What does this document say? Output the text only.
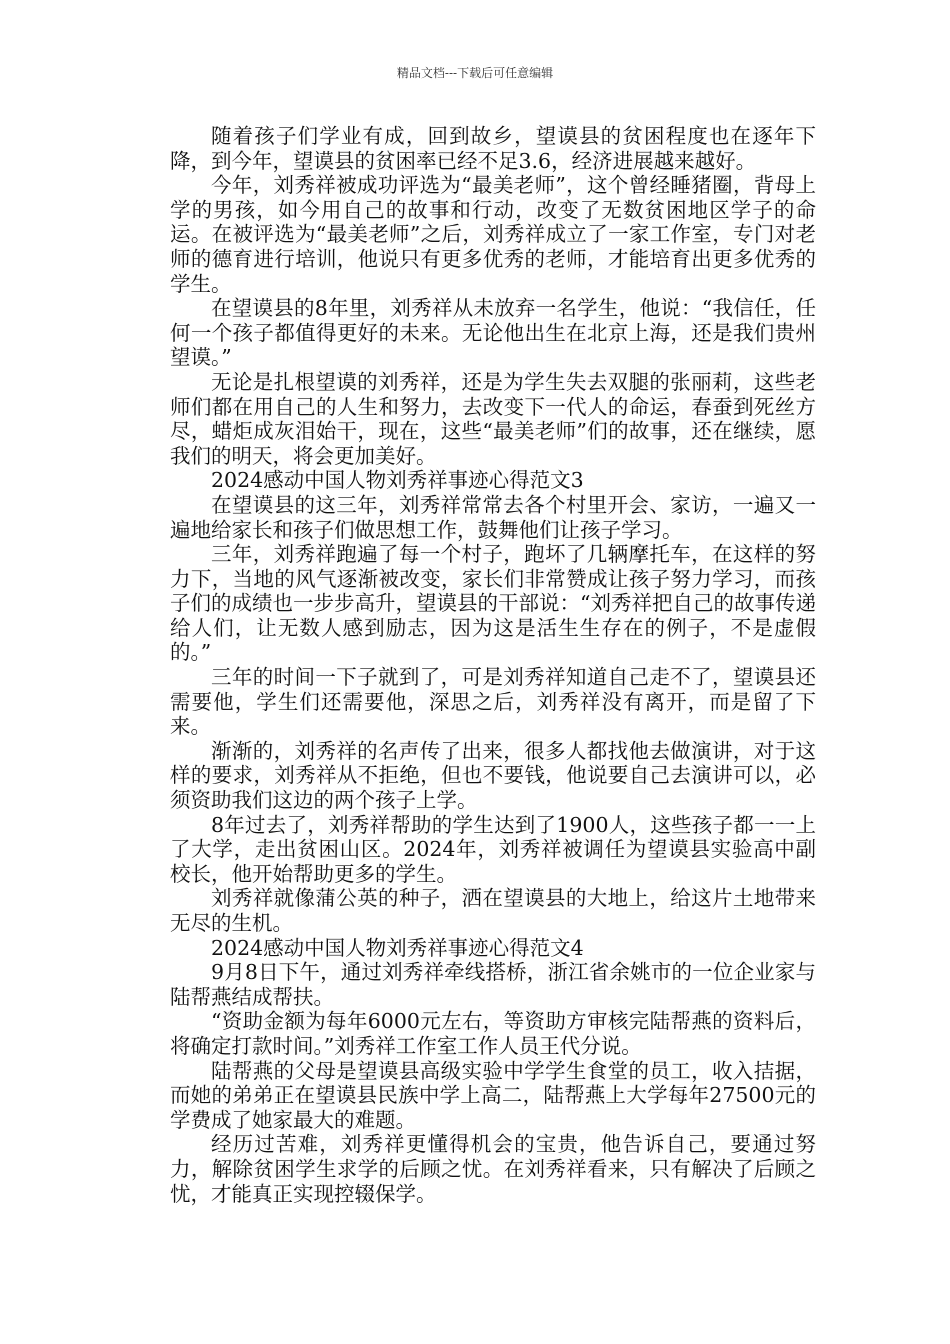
精品文档---下载后可任意编辑

随着孩子们学业有成，回到故乡，望谟县的贫困程度也在逐年下降，到今年，望谟县的贫困率已经不足3.6，经济进展越来越好。

今年，刘秀祥被成功评选为“最美老师”，这个曾经睡猪圈，背母上学的男孩，如今用自己的故事和行动，改变了无数贫困地区学子的命运。在被评选为“最美老师”之后，刘秀祥成立了一家工作室，专门对老师的德育进行培训，他说只有更多优秀的老师，才能培育出更多优秀的学生。

在望谟县的8年里，刘秀祥从未放弃一名学生，他说：“我信任，任何一个孩子都值得更好的未来。无论他出生在北京上海，还是我们贵州望谟。”

无论是扎根望谟的刘秀祥，还是为学生失去双腿的张丽莉，这些老师们都在用自己的人生和努力，去改变下一代人的命运，春蚕到死丝方尽，蜡炬成灰泪始干，现在，这些“最美老师”们的故事，还在继续，愿我们的明天，将会更加美好。

2024感动中国人物刘秀祥事迹心得范文3

在望谟县的这三年，刘秀祥常常去各个村里开会、家访，一遍又一遍地给家长和孩子们做思想工作，鼓舞他们让孩子学习。

三年，刘秀祥跑遍了每一个村子，跑坏了几辆摩托车，在这样的努力下，当地的风气逐渐被改变，家长们非常赞成让孩子努力学习，而孩子们的成绩也一步步高升，望谟县的干部说：“刘秀祥把自己的故事传递给人们，让无数人感到励志，因为这是活生生存在的例子，不是虚假的。”

三年的时间一下子就到了，可是刘秀祥知道自己走不了，望谟县还需要他，学生们还需要他，深思之后，刘秀祥没有离开，而是留了下来。

渐渐的，刘秀祥的名声传了出来，很多人都找他去做演讲，对于这样的要求，刘秀祥从不拒绝，但也不要钱，他说要自己去演讲可以，必须资助我们这边的两个孩子上学。

8年过去了，刘秀祥帮助的学生达到了1900人，这些孩子都一一上了大学，走出贫困山区。2024年，刘秀祥被调任为望谟县实验高中副校长，他开始帮助更多的学生。

刘秀祥就像蒲公英的种子，洒在望谟县的大地上，给这片土地带来无尽的生机。

2024感动中国人物刘秀祥事迹心得范文4

9月8日下午，通过刘秀祥牵线搭桥，浙江省余姚市的一位企业家与陆帮燕结成帮扶。

“资助金额为每年6000元左右，等资助方审核完陆帮燕的资料后，将确定打款时间。”刘秀祥工作室工作人员王代分说。

陆帮燕的父母是望谟县高级实验中学学生食堂的员工，收入拮据，而她的弟弟正在望谟县民族中学上高二，陆帮燕上大学每年27500元的学费成了她家最大的难题。

经历过苦难，刘秀祥更懂得机会的宝贵，他告诉自己，要通过努力，解除贫困学生求学的后顾之忧。在刘秀祥看来，只有解决了后顾之忧，才能真正实现控辍保学。
